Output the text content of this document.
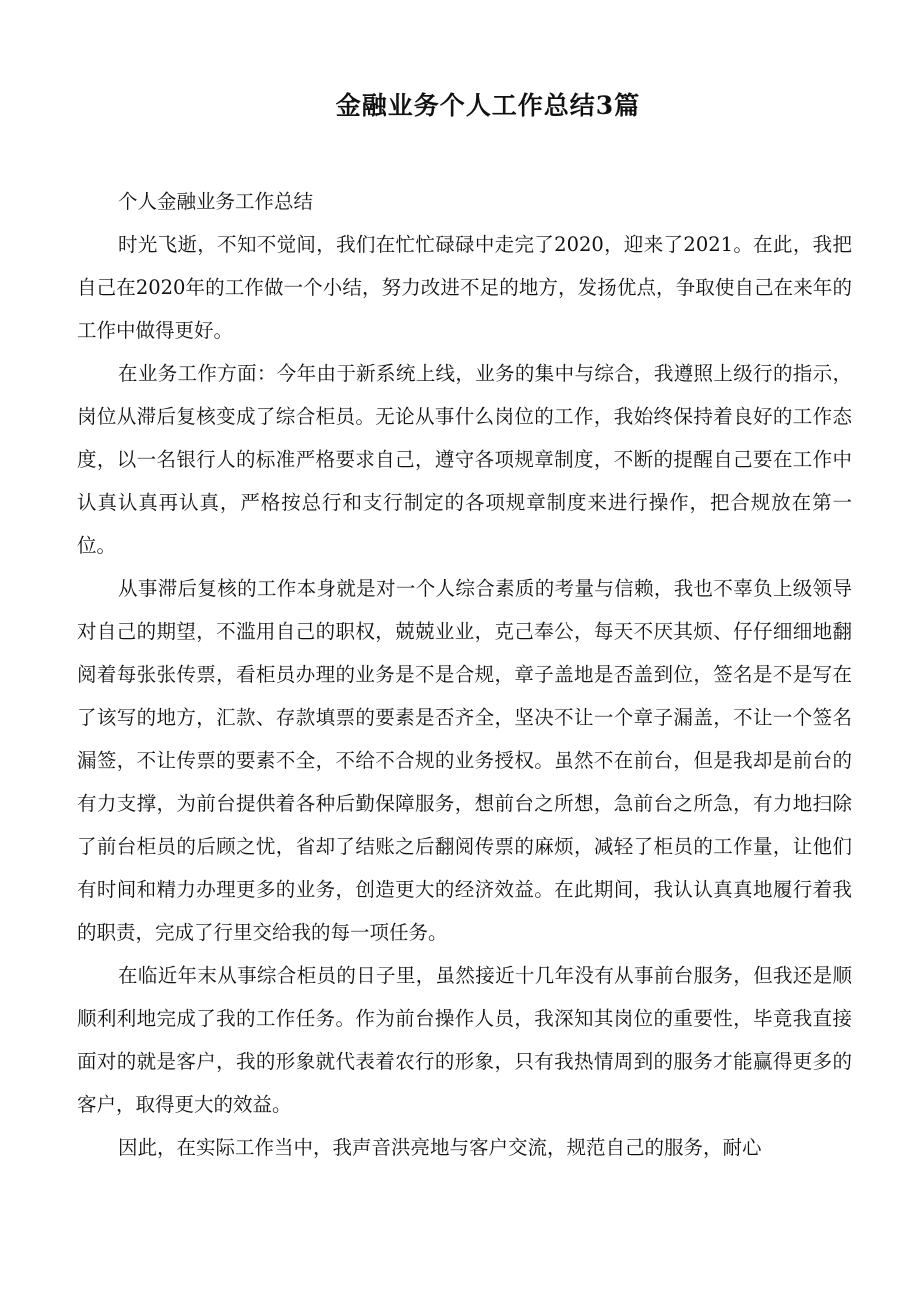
金融业务个人工作总结3篇

个人金融业务工作总结

时光飞逝，不知不觉间，我们在忙忙碌碌中走完了2020，迎来了2021。在此，我把自己在2020年的工作做一个小结，努力改进不足的地方，发扬优点，争取使自己在来年的工作中做得更好。

在业务工作方面：今年由于新系统上线，业务的集中与综合，我遵照上级行的指示，岗位从滞后复核变成了综合柜员。无论从事什么岗位的工作，我始终保持着良好的工作态度，以一名银行人的标准严格要求自己，遵守各项规章制度，不断的提醒自己要在工作中认真认真再认真，严格按总行和支行制定的各项规章制度来进行操作，把合规放在第一位。

从事滞后复核的工作本身就是对一个人综合素质的考量与信赖，我也不辜负上级领导对自己的期望，不滥用自己的职权，兢兢业业，克己奉公，每天不厌其烦、仔仔细细地翻阅着每张张传票，看柜员办理的业务是不是合规，章子盖地是否盖到位，签名是不是写在了该写的地方，汇款、存款填票的要素是否齐全，坚决不让一个章子漏盖，不让一个签名漏签，不让传票的要素不全，不给不合规的业务授权。虽然不在前台，但是我却是前台的有力支撑，为前台提供着各种后勤保障服务，想前台之所想，急前台之所急，有力地扫除了前台柜员的后顾之忧，省却了结账之后翻阅传票的麻烦，减轻了柜员的工作量，让他们有时间和精力办理更多的业务，创造更大的经济效益。在此期间，我认认真真地履行着我的职责，完成了行里交给我的每一项任务。

在临近年末从事综合柜员的日子里，虽然接近十几年没有从事前台服务，但我还是顺顺利利地完成了我的工作任务。作为前台操作人员，我深知其岗位的重要性，毕竟我直接面对的就是客户，我的形象就代表着农行的形象，只有我热情周到的服务才能赢得更多的客户，取得更大的效益。

因此，在实际工作当中，我声音洪亮地与客户交流，规范自己的服务，耐心
